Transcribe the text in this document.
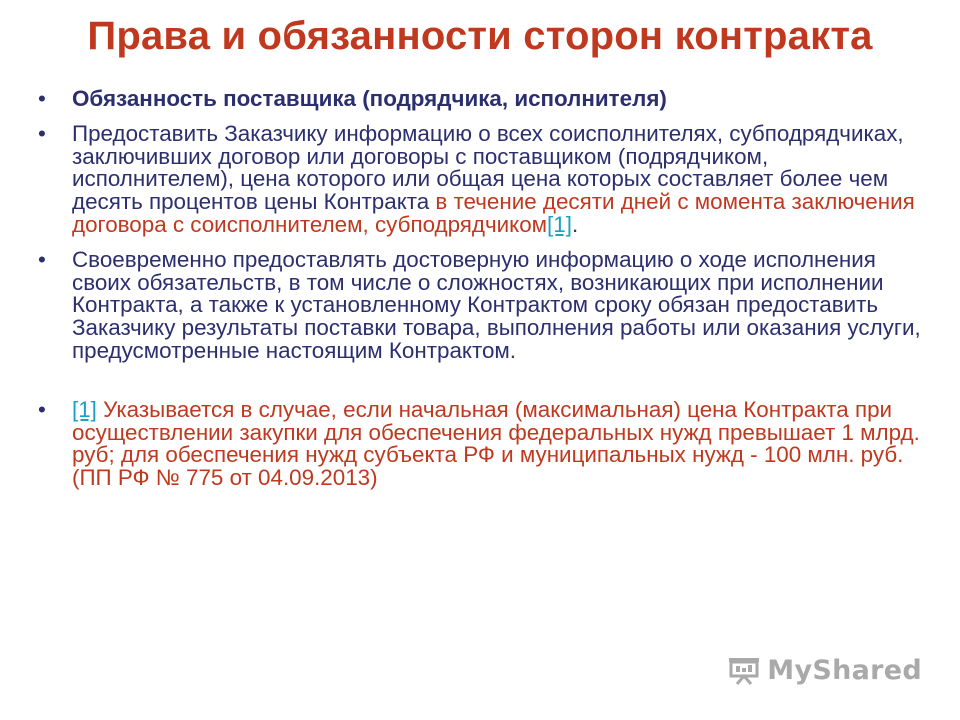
Права и обязанности сторон контракта
•	Обязанность поставщика (подрядчика, исполнителя)
•	Предоставить Заказчику информацию о всех соисполнителях, субподрядчиках, заключивших договор или договоры с поставщиком (подрядчиком, исполнителем), цена которого или общая цена которых составляет более чем десять процентов цены Контракта в течение десяти дней с момента заключения договора с соисполнителем, субподрядчиком[1].
•	Своевременно предоставлять достоверную информацию о ходе исполнения своих обязательств, в том числе о сложностях, возникающих при исполнении Контракта, а также к установленному Контрактом сроку обязан предоставить Заказчику результаты поставки товара, выполнения работы или оказания услуги, предусмотренные настоящим Контрактом.
•	[1] Указывается в случае, если начальная (максимальная) цена Контракта при осуществлении закупки для обеспечения федеральных нужд превышает 1 млрд. руб; для обеспечения нужд субъекта РФ и муниципальных нужд - 100 млн. руб. (ПП РФ № 775 от 04.09.2013)
MyShared
